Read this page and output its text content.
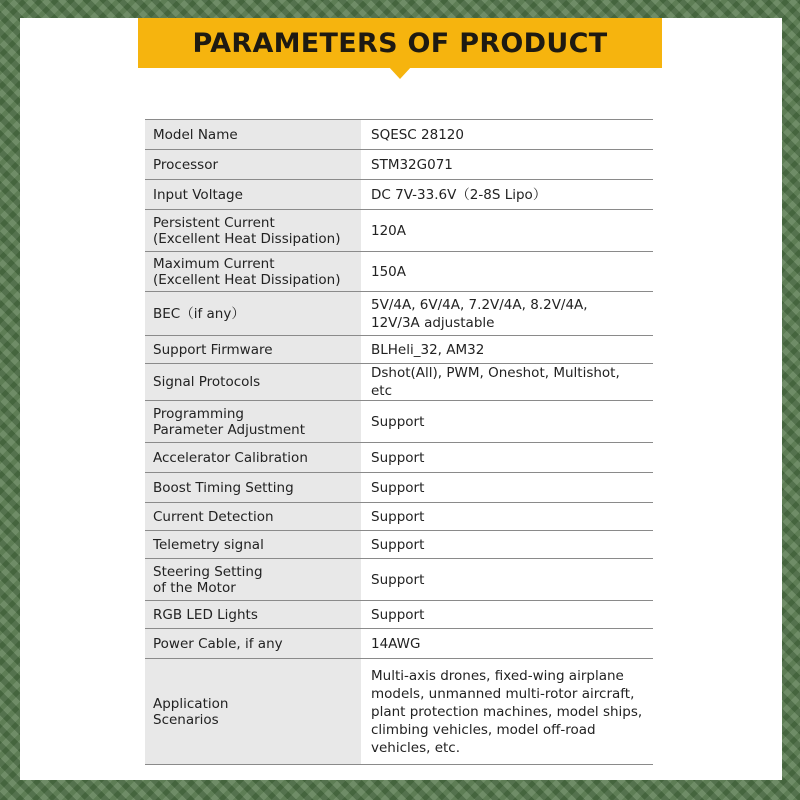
PARAMETERS OF PRODUCT
Model Name	SQESC 28120
Processor	STM32G071
Input Voltage	DC 7V-33.6V（2-8S Lipo）
Persistent Current
(Excellent Heat Dissipation)	120A
Maximum Current
(Excellent Heat Dissipation)	150A
BEC（if any）	5V/4A, 6V/4A, 7.2V/4A, 8.2V/4A,
12V/3A adjustable
Support Firmware	BLHeli_32, AM32
Signal Protocols	Dshot(All), PWM, Oneshot, Multishot, etc
Programming
Parameter Adjustment	Support
Accelerator Calibration	Support
Boost Timing Setting	Support
Current Detection	Support
Telemetry signal	Support
Steering Setting
of the Motor	Support
RGB LED Lights	Support
Power Cable, if any	14AWG
Application
Scenarios	Multi-axis drones, fixed-wing airplane models, unmanned multi-rotor aircraft, plant protection machines, model ships, climbing vehicles, model off-road vehicles, etc.
